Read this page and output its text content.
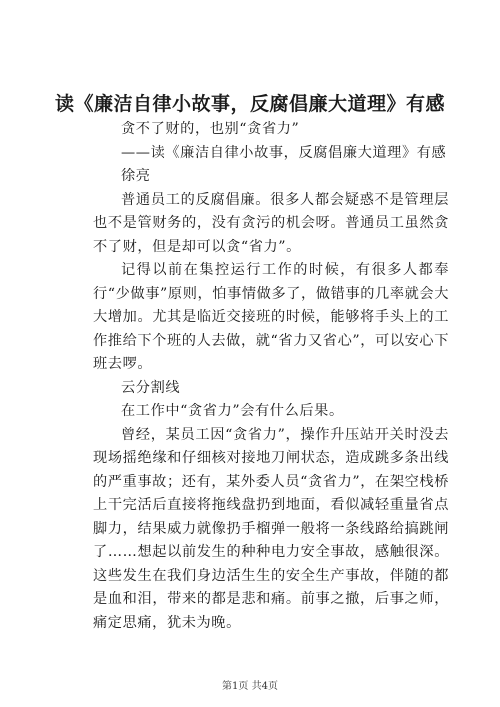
读《廉洁自律小故事，反腐倡廉大道理》有感

贪不了财的，也别“贪省力”

——读《廉洁自律小故事，反腐倡廉大道理》有感

徐亮

普通员工的反腐倡廉。很多人都会疑惑不是管理层也不是管财务的，没有贪污的机会呀。普通员工虽然贪不了财，但是却可以贪“省力”。

记得以前在集控运行工作的时候，有很多人都奉行“少做事”原则，怕事情做多了，做错事的几率就会大大增加。尤其是临近交接班的时候，能够将手头上的工作推给下个班的人去做，就“省力又省心”，可以安心下班去啰。

云分割线

在工作中“贪省力”会有什么后果。

曾经，某员工因“贪省力”，操作升压站开关时没去现场摇绝缘和仔细核对接地刀闸状态，造成跳多条出线的严重事故；还有，某外委人员“贪省力”，在架空栈桥上干完活后直接将拖线盘扔到地面，看似减轻重量省点脚力，结果威力就像扔手榴弹一般将一条线路给搞跳闸了……想起以前发生的种种电力安全事故，感触很深。这些发生在我们身边活生生的安全生产事故，伴随的都是血和泪，带来的都是悲和痛。前事之撤，后事之师，痛定思痛，犹未为晚。

第1页 共4页
